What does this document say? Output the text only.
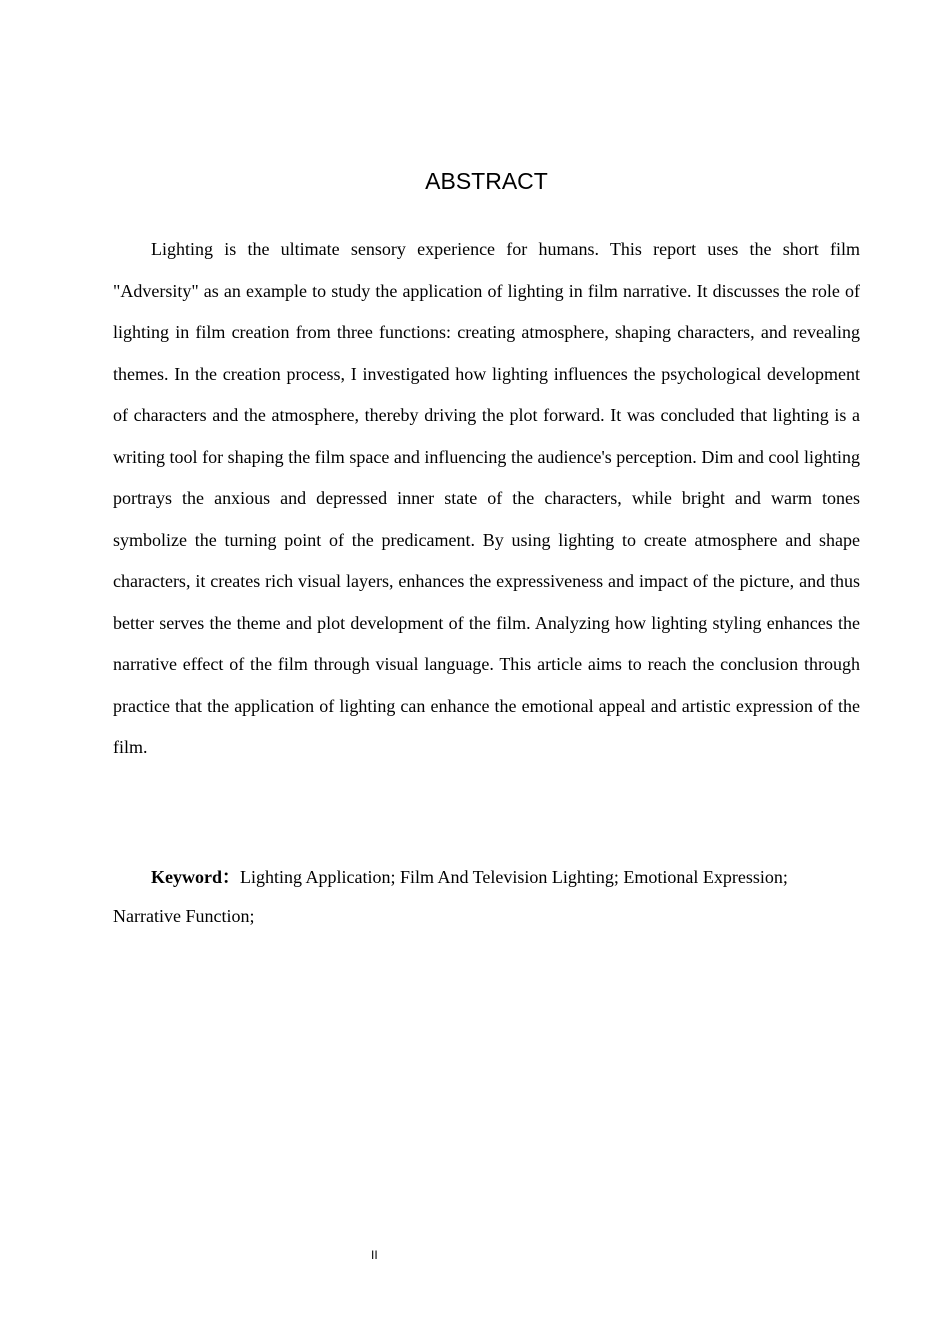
ABSTRACT

Lighting is the ultimate sensory experience for humans. This report uses the short film "Adversity" as an example to study the application of lighting in film narrative. It discusses the role of lighting in film creation from three functions: creating atmosphere, shaping characters, and revealing themes. In the creation process, I investigated how lighting influences the psychological development of characters and the atmosphere, thereby driving the plot forward. It was concluded that lighting is a writing tool for shaping the film space and influencing the audience's perception. Dim and cool lighting portrays the anxious and depressed inner state of the characters, while bright and warm tones symbolize the turning point of the predicament. By using lighting to create atmosphere and shape characters, it creates rich visual layers, enhances the expressiveness and impact of the picture, and thus better serves the theme and plot development of the film. Analyzing how lighting styling enhances the narrative effect of the film through visual language. This article aims to reach the conclusion through practice that the application of lighting can enhance the emotional appeal and artistic expression of the film.

Keyword：Lighting Application; Film And Television Lighting; Emotional Expression; Narrative Function;

II
